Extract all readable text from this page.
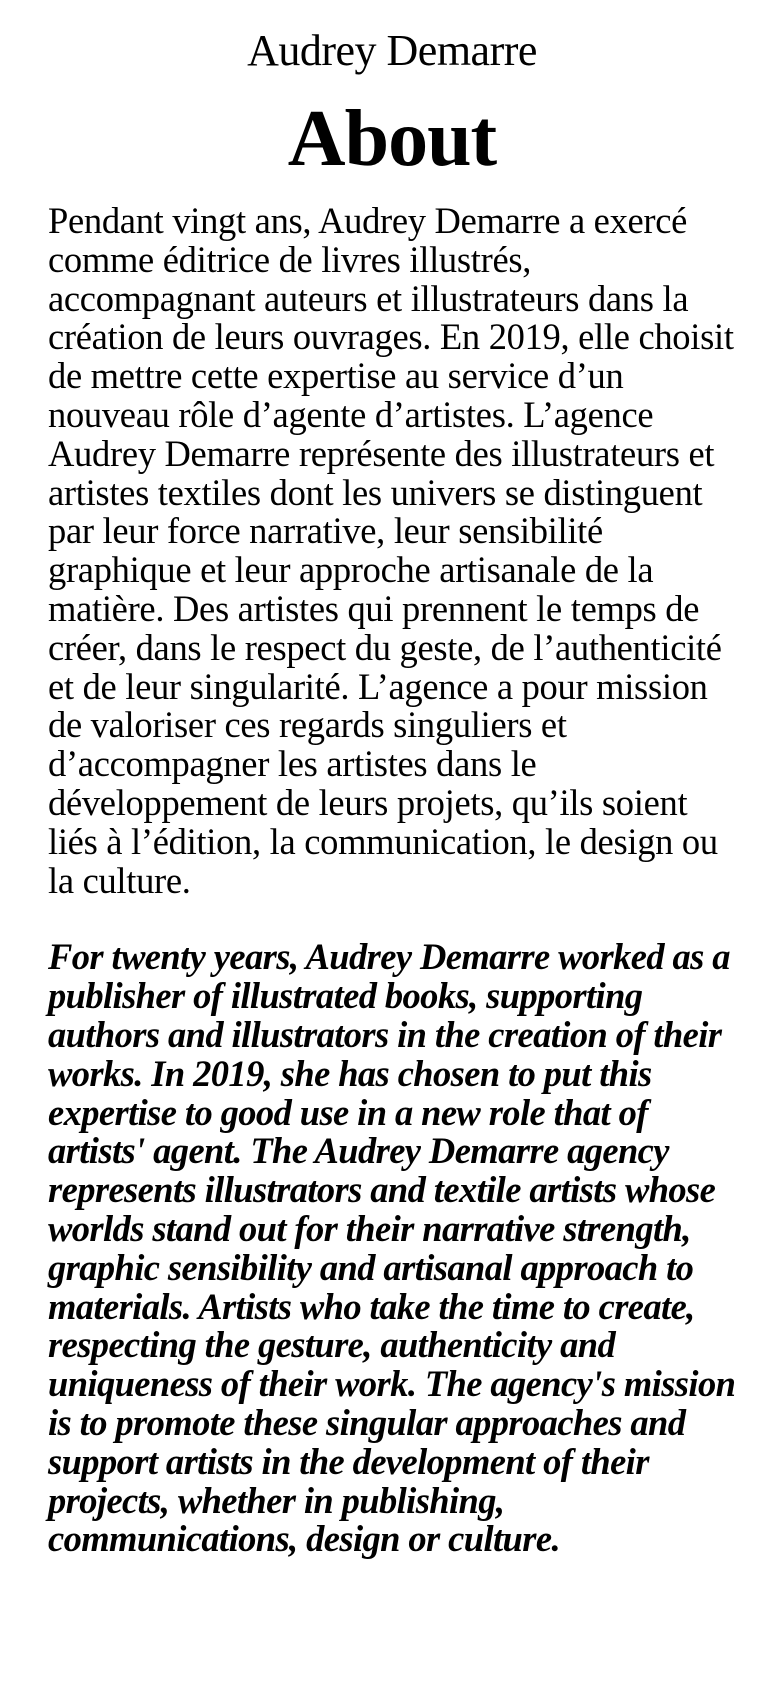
Audrey Demarre
About

Pendant vingt ans, Audrey Demarre a exercé comme éditrice de livres illustrés, accompagnant auteurs et illustrateurs dans la création de leurs ouvrages. En 2019, elle choisit de mettre cette expertise au service d’un nouveau rôle d’agente d’artistes. L’agence Audrey Demarre représente des illustrateurs et artistes textiles dont les univers se distinguent par leur force narrative, leur sensibilité graphique et leur approche artisanale de la matière. Des artistes qui prennent le temps de créer, dans le respect du geste, de l’authenticité et de leur singularité. L’agence a pour mission de valoriser ces regards singuliers et d’accompagner les artistes dans le développement de leurs projets, qu’ils soient liés à l’édition, la communication, le design ou la culture.

For twenty years, Audrey Demarre worked as a publisher of illustrated books, supporting authors and illustrators in the creation of their works. In 2019, she has chosen to put this expertise to good use in a new role that of artists' agent. The Audrey Demarre agency represents illustrators and textile artists whose worlds stand out for their narrative strength, graphic sensibility and artisanal approach to materials. Artists who take the time to create, respecting the gesture, authenticity and uniqueness of their work. The agency's mission is to promote these singular approaches and support artists in the development of their projects, whether in publishing, communications, design or culture.
